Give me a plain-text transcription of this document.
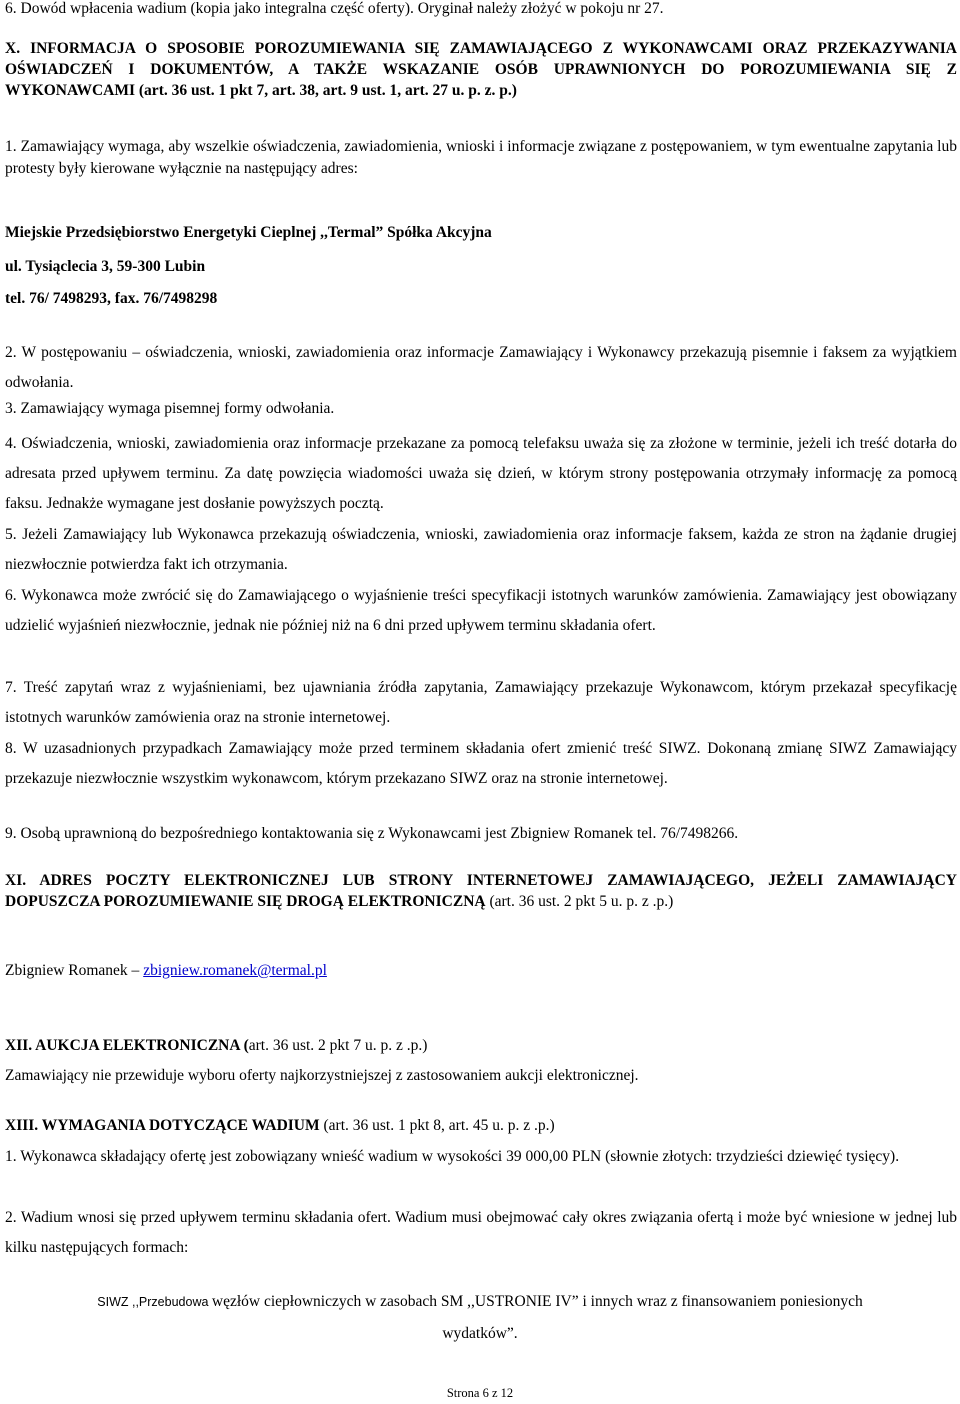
6. Dowód wpłacenia wadium (kopia jako integralna część oferty). Oryginał należy złożyć w pokoju nr 27.

X. INFORMACJA O SPOSOBIE POROZUMIEWANIA SIĘ ZAMAWIAJĄCEGO Z WYKONAWCAMI ORAZ PRZEKAZYWANIA OŚWIADCZEŃ I DOKUMENTÓW, A TAKŻE WSKAZANIE OSÓB UPRAWNIONYCH DO POROZUMIEWANIA SIĘ Z WYKONAWCAMI (art. 36 ust. 1 pkt 7, art. 38, art. 9 ust. 1, art. 27 u. p. z. p.)

1. Zamawiający wymaga, aby wszelkie oświadczenia, zawiadomienia, wnioski i informacje związane z postępowaniem, w tym ewentualne zapytania lub protesty były kierowane wyłącznie na następujący adres:

Miejskie Przedsiębiorstwo Energetyki Cieplnej ,,Termal” Spółka Akcyjna

ul. Tysiąclecia 3, 59-300 Lubin

tel. 76/ 7498293, fax. 76/7498298

2. W postępowaniu – oświadczenia, wnioski, zawiadomienia oraz informacje Zamawiający i Wykonawcy przekazują pisemnie i faksem za wyjątkiem odwołania.

3. Zamawiający wymaga pisemnej formy odwołania.

4. Oświadczenia, wnioski, zawiadomienia oraz informacje przekazane za pomocą telefaksu uważa się za złożone w terminie, jeżeli ich treść dotarła do adresata przed upływem terminu. Za datę powzięcia wiadomości uważa się dzień, w którym strony postępowania otrzymały informację za pomocą faksu. Jednakże wymagane jest dosłanie powyższych pocztą.

5. Jeżeli Zamawiający lub Wykonawca przekazują oświadczenia, wnioski, zawiadomienia oraz informacje faksem, każda ze stron na żądanie drugiej niezwłocznie potwierdza fakt ich otrzymania.

6. Wykonawca może zwrócić się do Zamawiającego o wyjaśnienie treści specyfikacji istotnych warunków zamówienia. Zamawiający jest obowiązany udzielić wyjaśnień niezwłocznie, jednak nie później niż na 6 dni przed upływem terminu składania ofert.

7. Treść zapytań wraz z wyjaśnieniami, bez ujawniania źródła zapytania, Zamawiający przekazuje Wykonawcom, którym przekazał specyfikację istotnych warunków zamówienia oraz na stronie internetowej.

8. W uzasadnionych przypadkach Zamawiający może przed terminem składania ofert zmienić treść SIWZ. Dokonaną zmianę SIWZ Zamawiający przekazuje niezwłocznie wszystkim wykonawcom, którym przekazano SIWZ oraz na stronie internetowej.

9. Osobą uprawnioną do bezpośredniego kontaktowania się z Wykonawcami jest Zbigniew Romanek tel. 76/7498266.

XI. ADRES POCZTY ELEKTRONICZNEJ LUB STRONY INTERNETOWEJ ZAMAWIAJĄCEGO, JEŻELI ZAMAWIAJĄCY DOPUSZCZA POROZUMIEWANIE SIĘ DROGĄ ELEKTRONICZNĄ (art. 36 ust. 2 pkt 5 u. p. z .p.)

Zbigniew Romanek – zbigniew.romanek@termal.pl

XII. AUKCJA ELEKTRONICZNA (art. 36 ust. 2 pkt 7 u. p. z .p.)

Zamawiający nie przewiduje wyboru oferty najkorzystniejszej z zastosowaniem aukcji elektronicznej.

XIII. WYMAGANIA DOTYCZĄCE WADIUM (art. 36 ust. 1 pkt 8, art. 45 u. p. z .p.)

1. Wykonawca składający ofertę jest zobowiązany wnieść wadium w wysokości 39 000,00 PLN (słownie złotych: trzydzieści dziewięć tysięcy).

2. Wadium wnosi się przed upływem terminu składania ofert. Wadium musi obejmować cały okres związania ofertą i może być wniesione w jednej lub kilku następujących formach:

SIWZ ,,Przebudowa węzłów ciepłowniczych w zasobach SM ,,USTRONIE IV” i innych wraz z finansowaniem poniesionych
wydatków”.
Strona 6 z 12
